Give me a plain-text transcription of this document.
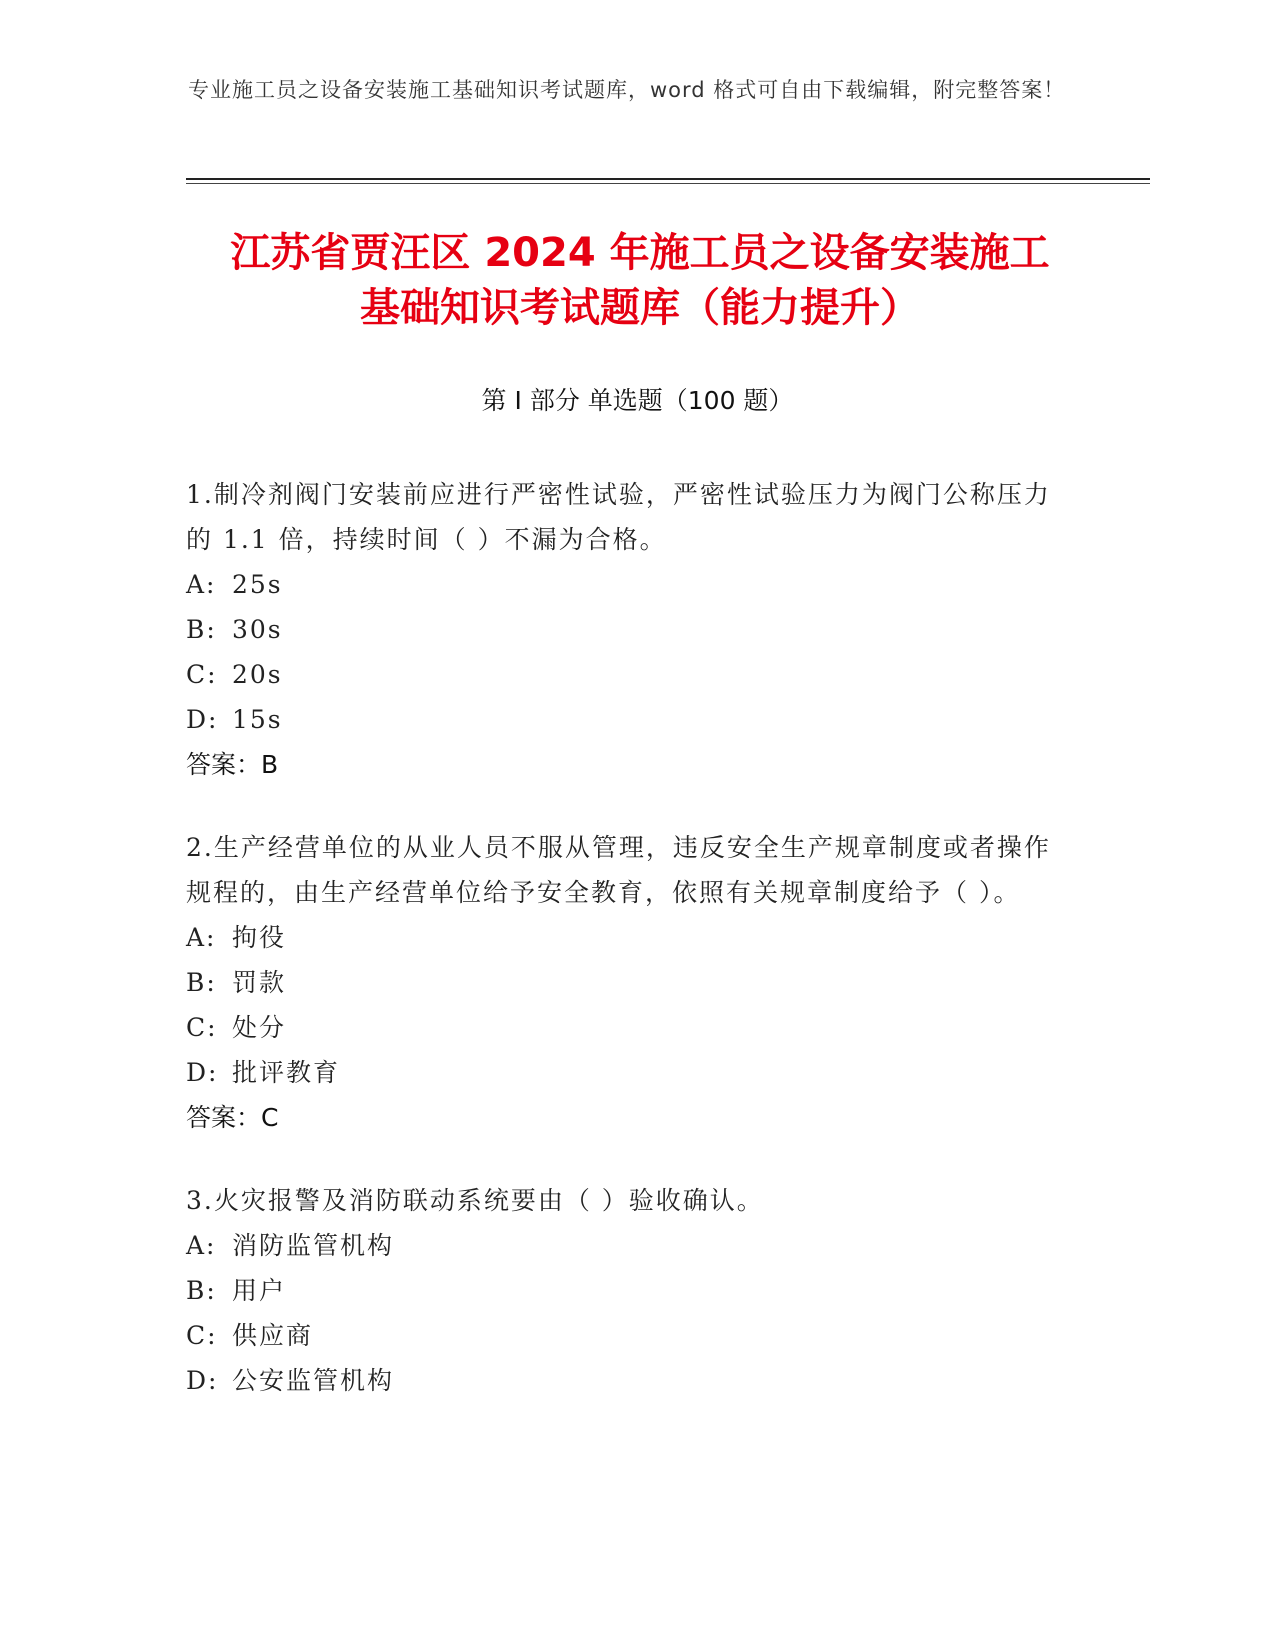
专业施工员之设备安装施工基础知识考试题库，word 格式可自由下载编辑，附完整答案！
江苏省贾汪区 2024 年施工员之设备安装施工
基础知识考试题库（能力提升）
第 I 部分 单选题（100 题）
1.制冷剂阀门安装前应进行严密性试验，严密性试验压力为阀门公称压力的 1.1 倍，持续时间（ ）不漏为合格。
A: 25s
B: 30s
C: 20s
D: 15s
答案：B
2.生产经营单位的从业人员不服从管理，违反安全生产规章制度或者操作规程的，由生产经营单位给予安全教育，依照有关规章制度给予（ ）。
A: 拘役
B: 罚款
C: 处分
D: 批评教育
答案：C
3.火灾报警及消防联动系统要由（ ）验收确认。
A: 消防监管机构
B: 用户
C: 供应商
D: 公安监管机构
